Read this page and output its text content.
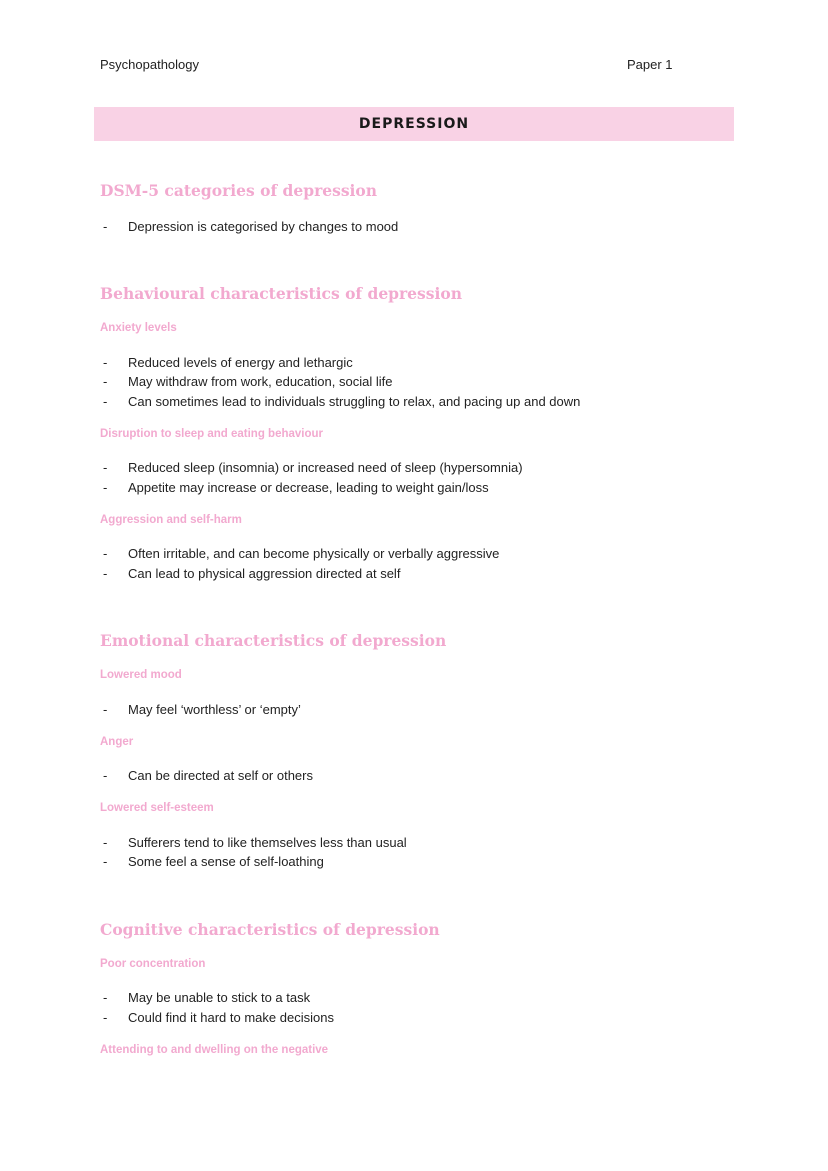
Psychopathology	Paper 1
DEPRESSION
DSM-5 categories of depression
- Depression is categorised by changes to mood
Behavioural characteristics of depression
Anxiety levels
- Reduced levels of energy and lethargic
- May withdraw from work, education, social life
- Can sometimes lead to individuals struggling to relax, and pacing up and down
Disruption to sleep and eating behaviour
- Reduced sleep (insomnia) or increased need of sleep (hypersomnia)
- Appetite may increase or decrease, leading to weight gain/loss
Aggression and self-harm
- Often irritable, and can become physically or verbally aggressive
- Can lead to physical aggression directed at self
Emotional characteristics of depression
Lowered mood
- May feel ‘worthless’ or ‘empty’
Anger
- Can be directed at self or others
Lowered self-esteem
- Sufferers tend to like themselves less than usual
- Some feel a sense of self-loathing
Cognitive characteristics of depression
Poor concentration
- May be unable to stick to a task
- Could find it hard to make decisions
Attending to and dwelling on the negative
